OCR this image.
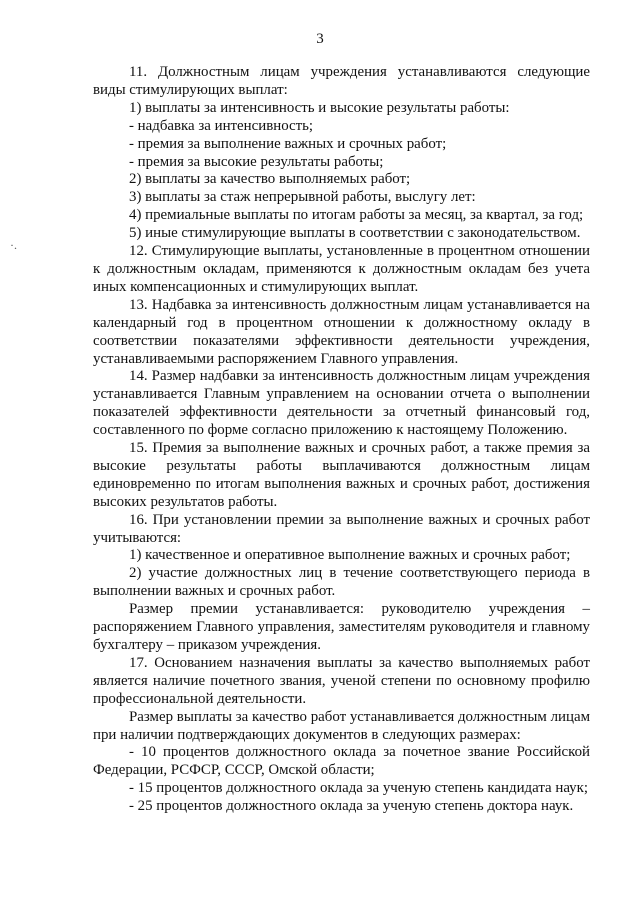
3
·.

11. Должностным лицам учреждения устанавливаются следующие виды стимулирующих выплат:

1) выплаты за интенсивность и высокие результаты работы:

- надбавка за интенсивность;

- премия за выполнение важных и срочных работ;

- премия за высокие результаты работы;

2) выплаты за качество выполняемых работ;

3) выплаты за стаж непрерывной работы, выслугу лет:

4) премиальные выплаты по итогам работы за месяц, за квартал, за год;

5) иные стимулирующие выплаты в соответствии с законодательством.

12. Стимулирующие выплаты, установленные в процентном отношении к должностным окладам, применяются к должностным окладам без учета иных компенсационных и стимулирующих выплат.

13. Надбавка за интенсивность должностным лицам устанавливается на календарный год в процентном отношении к должностному окладу в соответствии показателями эффективности деятельности учреждения, устанавливаемыми распоряжением Главного управления.

14. Размер надбавки за интенсивность должностным лицам учреждения устанавливается Главным управлением на основании отчета о выполнении показателей эффективности деятельности за отчетный финансовый год, составленного по форме согласно приложению к настоящему Положению.

15. Премия за выполнение важных и срочных работ, а также премия за высокие результаты работы выплачиваются должностным лицам единовременно по итогам выполнения важных и срочных работ, достижения высоких результатов работы.

16. При установлении премии за выполнение важных и срочных работ учитываются:

1) качественное и оперативное выполнение важных и срочных работ;

2) участие должностных лиц в течение соответствующего периода в выполнении важных и срочных работ.

Размер премии устанавливается: руководителю учреждения – распоряжением Главного управления, заместителям руководителя и главному бухгалтеру – приказом учреждения.

17. Основанием назначения выплаты за качество выполняемых работ является наличие почетного звания, ученой степени по основному профилю профессиональной деятельности.

Размер выплаты за качество работ устанавливается должностным лицам при наличии подтверждающих документов в следующих размерах:

- 10 процентов должностного оклада за почетное звание Российской Федерации, РСФСР, СССР, Омской области;

- 15 процентов должностного оклада за ученую степень кандидата наук;

- 25 процентов должностного оклада за ученую степень доктора наук.
